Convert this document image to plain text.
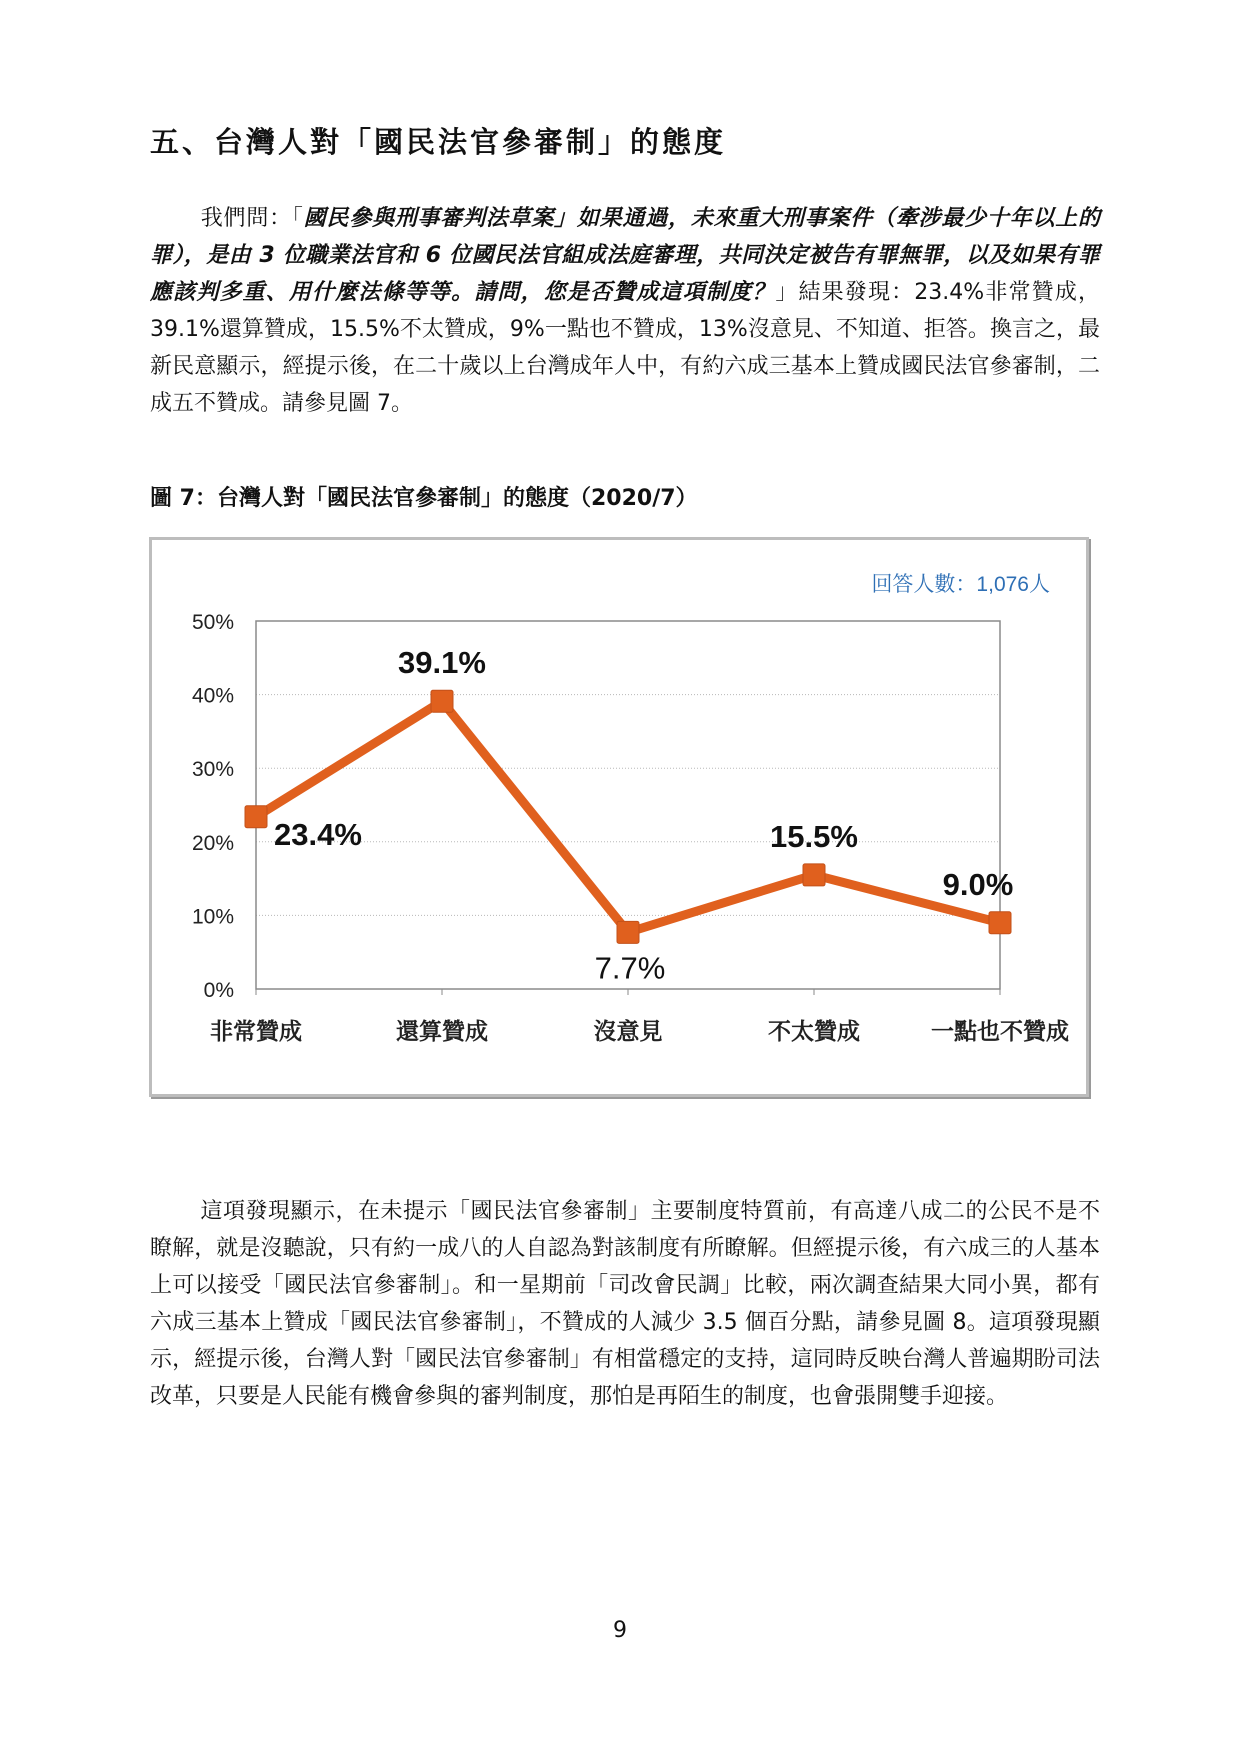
五、台灣人對「國民法官參審制」的態度

我們問：「國民參與刑事審判法草案」如果通過，未來重大刑事案件（牽涉最少十年以上的罪），是由 3 位職業法官和 6 位國民法官組成法庭審理，共同決定被告有罪無罪，以及如果有罪應該判多重、用什麼法條等等。請問，您是否贊成這項制度？」結果發現：23.4%非常贊成，39.1%還算贊成，15.5%不太贊成，9%一點也不贊成，13%沒意見、不知道、拒答。換言之，最新民意顯示，經提示後，在二十歲以上台灣成年人中，有約六成三基本上贊成國民法官參審制，二成五不贊成。請參見圖 7。

圖 7：台灣人對「國民法官參審制」的態度（2020/7）

0%
10%
20%
30%
40%
50%
非常贊成	還算贊成	沒意見	不太贊成	一點也不贊成
回答人數：1,076人
23.4%
39.1%
7.7%
15.5%
9.0%

這項發現顯示，在未提示「國民法官參審制」主要制度特質前，有高達八成二的公民不是不瞭解，就是沒聽說，只有約一成八的人自認為對該制度有所瞭解。但經提示後，有六成三的人基本上可以接受「國民法官參審制」。和一星期前「司改會民調」比較，兩次調查結果大同小異，都有六成三基本上贊成「國民法官參審制」，不贊成的人減少 3.5 個百分點，請參見圖 8。這項發現顯示，經提示後，台灣人對「國民法官參審制」有相當穩定的支持，這同時反映台灣人普遍期盼司法改革，只要是人民能有機會參與的審判制度，那怕是再陌生的制度，也會張開雙手迎接。

9
